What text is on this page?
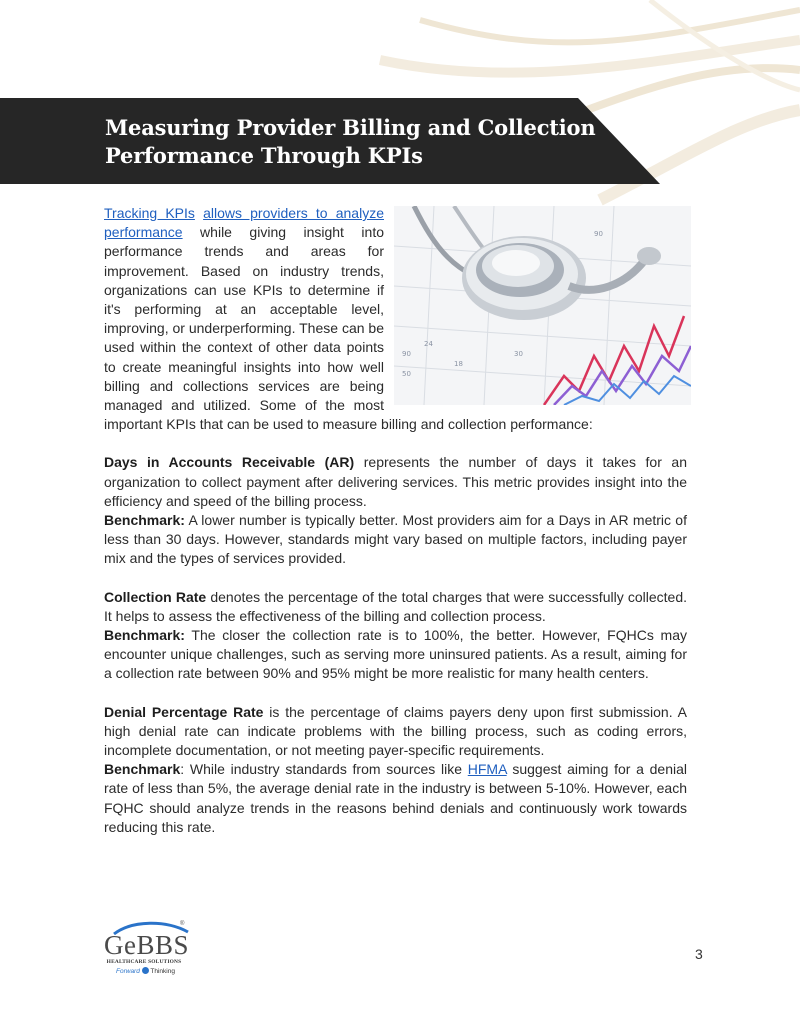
Measuring Provider Billing and Collection Performance Through KPIs
90
50
24
18
30
90

Tracking KPIs allows providers to analyze performance while giving insight into performance trends and areas for improvement. Based on industry trends, organizations can use KPIs to determine if it's performing at an acceptable level, improving, or underperforming. These can be used within the context of other data points to create meaningful insights into how well billing and collections services are being managed and utilized. Some of the most important KPIs that can be used to measure billing and collection performance:

Days in Accounts Receivable (AR) represents the number of days it takes for an organization to collect payment after delivering services. This metric provides insight into the efficiency and speed of the billing process.

Benchmark: A lower number is typically better. Most providers aim for a Days in AR metric of less than 30 days. However, standards might vary based on multiple factors, including payer mix and the types of services provided.

Collection Rate denotes the percentage of the total charges that were successfully collected. It helps to assess the effectiveness of the billing and collection process.

Benchmark: The closer the collection rate is to 100%, the better. However, FQHCs may encounter unique challenges, such as serving more uninsured patients. As a result, aiming for a collection rate between 90% and 95% might be more realistic for many health centers.

Denial Percentage Rate is the percentage of claims payers deny upon first submission. A high denial rate can indicate problems with the billing process, such as coding errors, incomplete documentation, or not meeting payer-specific requirements.

Benchmark: While industry standards from sources like HFMA suggest aiming for a denial rate of less than 5%, the average denial rate in the industry is between 5-10%. However, each FQHC should analyze trends in the reasons behind denials and continuously work towards reducing this rate.

®
GeBBS
HEALTHCARE SOLUTIONS
Forward Thinking
3
